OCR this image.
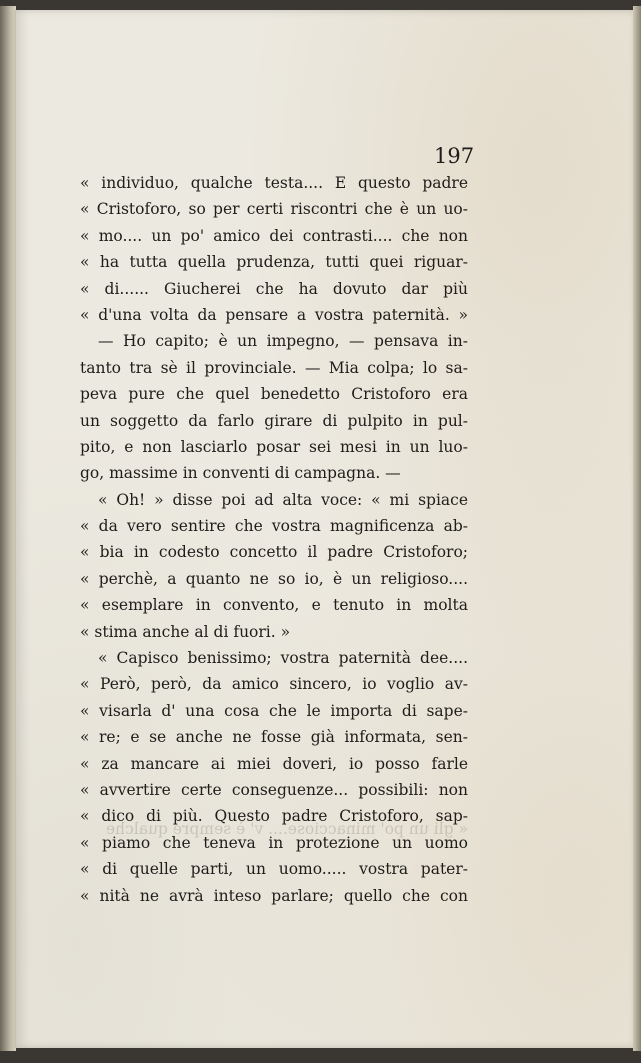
197

« individuo, qualche testa.... E questo padre
« Cristoforo, so per certi riscontri che è un uo-
« mo.... un po' amico dei contrasti.... che non
« ha tutta quella prudenza, tutti quei riguar-
« di...... Giucherei che ha dovuto dar più
« d'una volta da pensare a vostra paternità. »
— Ho capito; è un impegno, — pensava in-
tanto tra sè il provinciale. — Mia colpa; lo sa-
peva pure che quel benedetto Cristoforo era
un soggetto da farlo girare di pulpito in pul-
pito, e non lasciarlo posar sei mesi in un luo-
go, massime in conventi di campagna. —
« Oh! » disse poi ad alta voce: « mi spiace
« da vero sentire che vostra magnificenza ab-
« bia in codesto concetto il padre Cristoforo;
« perchè, a quanto ne so io, è un religioso....
« esemplare in convento, e tenuto in molta
« stima anche al di fuori. »
« Capisco benissimo; vostra paternità dee....
« Però, però, da amico sincero, io voglio av-
« visarla d' una cosa che le importa di sape-
« re; e se anche ne fosse già informata, sen-
« za mancare ai miei doveri, io posso farle
« avvertire certe conseguenze... possibili: non
« dico di più. Questo padre Cristoforo, sap-
« piamo che teneva in protezione un uomo
« di quelle parti, un uomo..... vostra pater-
« nità ne avrà inteso parlare; quello che con
« gli un po' minacciose.... v' è sempre qualche
